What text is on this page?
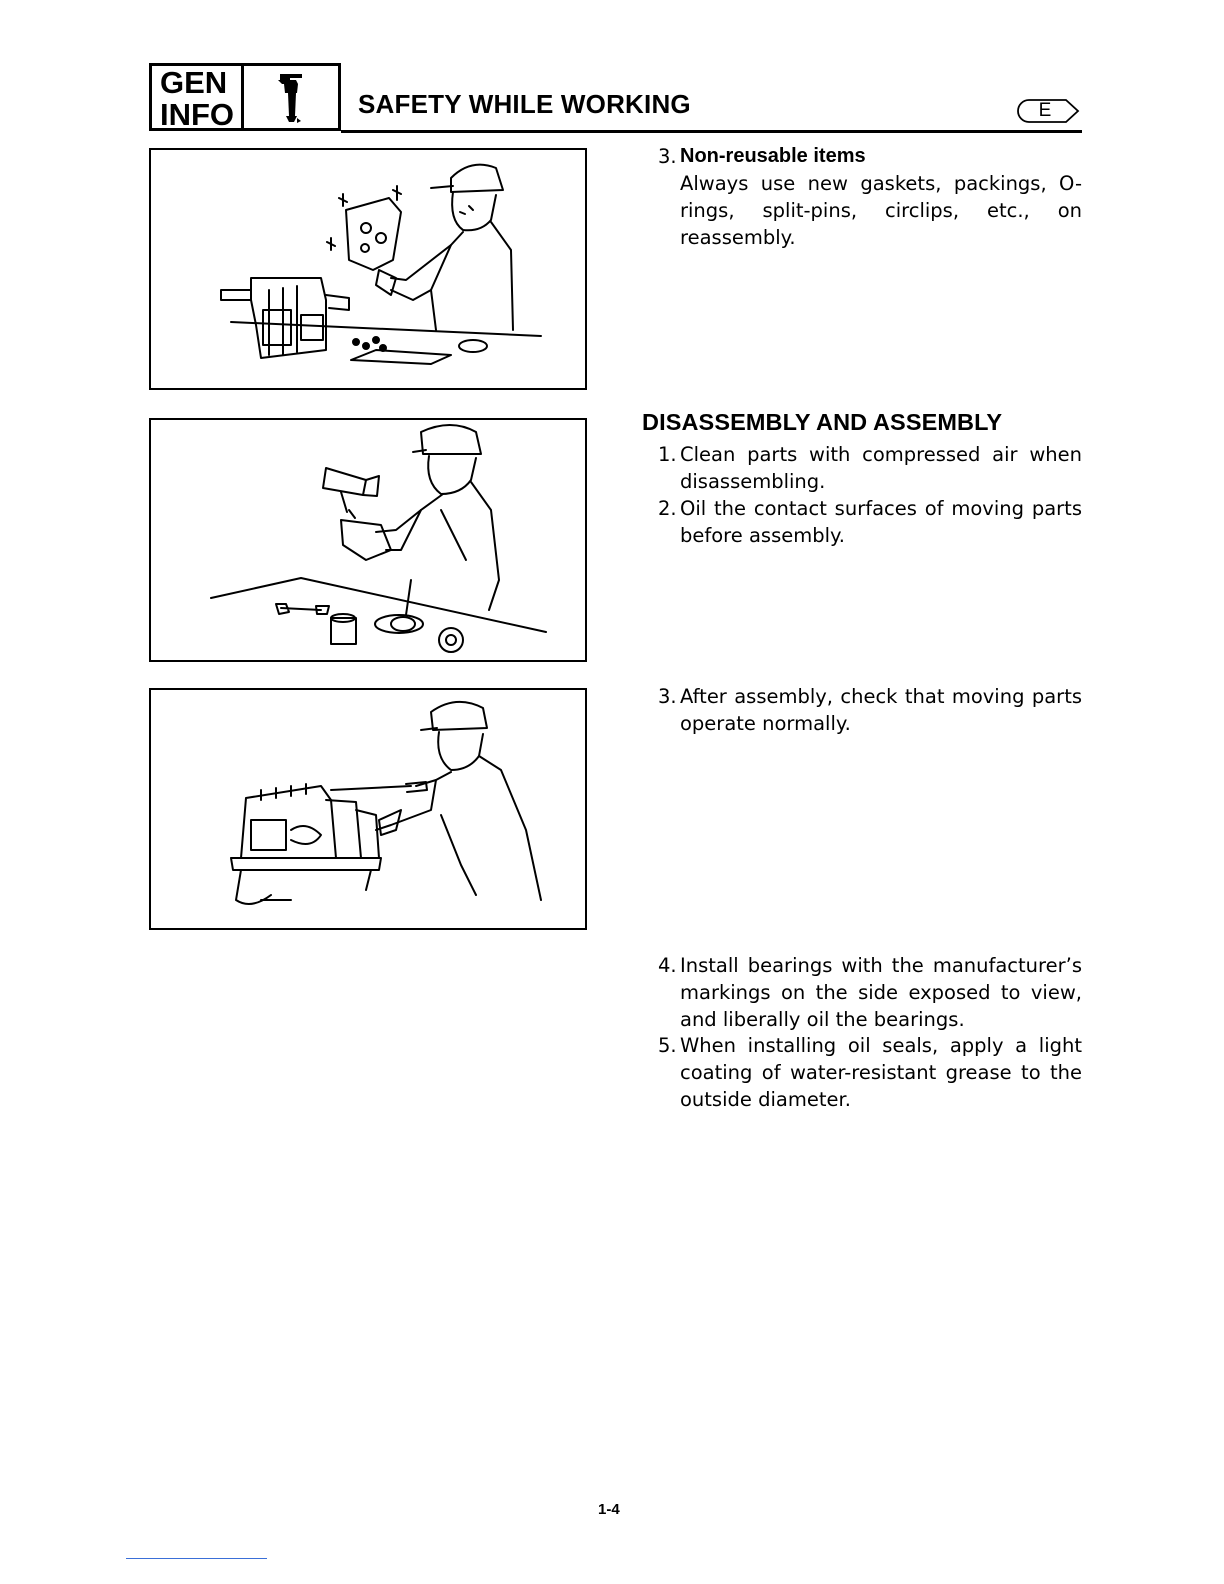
GEN
INFO	SAFETY WHILE WORKING	E
3. Non-reusable items
Always use new gaskets, packings, O-rings, split-pins, circlips, etc., on reassembly.
DISASSEMBLY AND ASSEMBLY
1. Clean parts with compressed air when disassembling.
2. Oil the contact surfaces of moving parts before assembly.
3. After assembly, check that moving parts operate normally.
4. Install bearings with the manufacturer’s markings on the side exposed to view, and liberally oil the bearings.
5. When installing oil seals, apply a light coating of water-resistant grease to the outside diameter.
1-4
